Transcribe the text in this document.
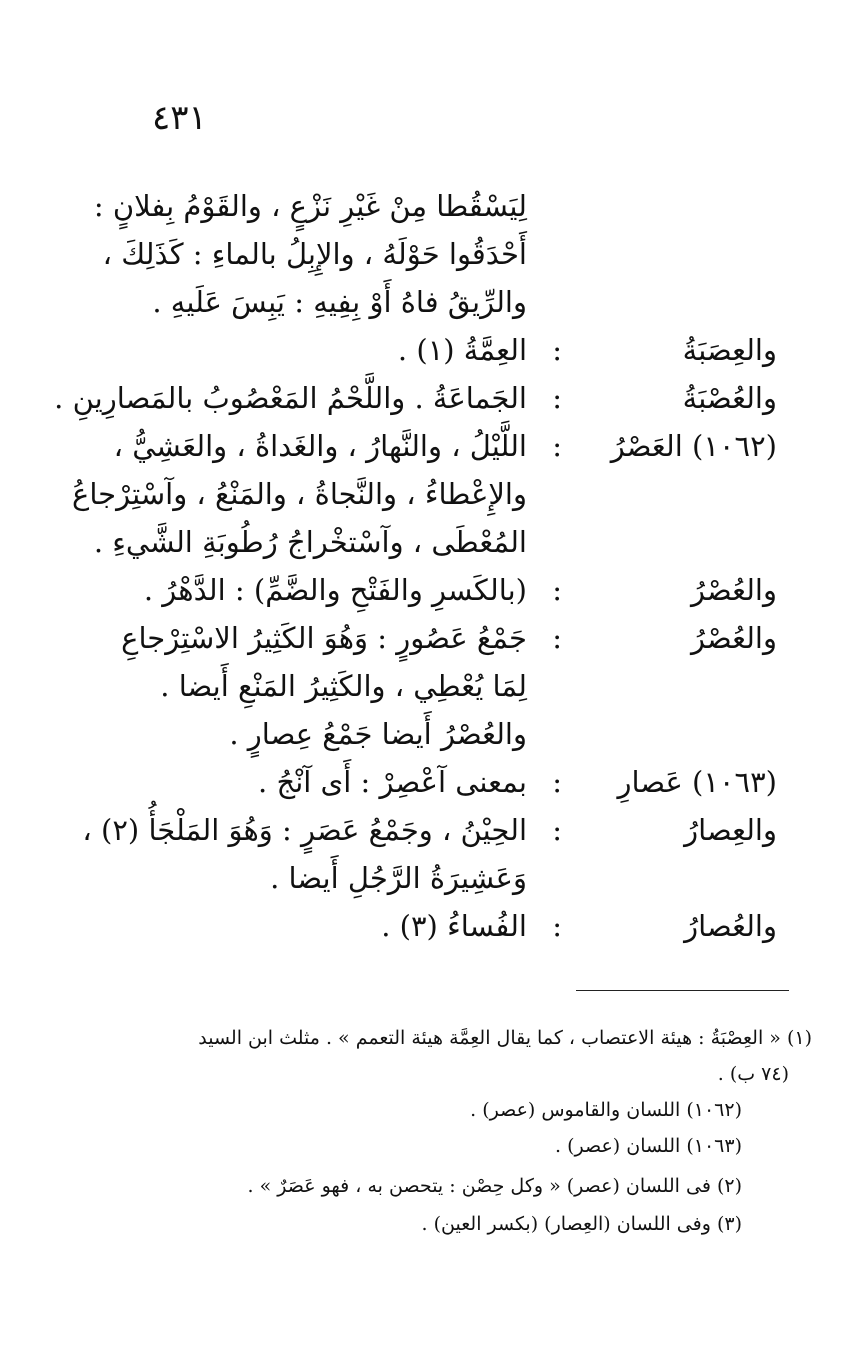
٤٣١
لِيَسْقُطا مِنْ غَيْرِ نَزْعٍ ، والقَوْمُ بِفلانٍ :
أَحْدَقُوا حَوْلَهُ ، والإِبِلُ بالماءِ : كَذَلِكَ ،
والرِّيقُ فاهُ أَوْ بِفِيهِ : يَبِسَ عَلَيهِ .
والعِصَبَةُ
:
العِمَّةُ (١) .
والعُصْبَةُ
:
الجَماعَةُ . واللَّحْمُ المَعْصُوبُ بالمَصارِينِ .
(١٠٦٢) العَصْرُ
:
اللَّيْلُ ، والنَّهارُ ، والغَداةُ ، والعَشِيُّ ،
والإِعْطاءُ ، والنَّجاةُ ، والمَنْعُ ، وآسْتِرْجاعُ
المُعْطَى ، وآسْتخْراجُ رُطُوبَةِ الشَّيءِ .
والعُصْرُ
:
(بالكَسرِ والفَتْحِ والضَّمِّ) : الدَّهْرُ .
والعُصْرُ
:
جَمْعُ عَصُورٍ : وَهُوَ الكَثِيرُ الاسْتِرْجاعِ
لِمَا يُعْطِي ، والكَثِيرُ المَنْعِ أَيضا .
والعُصْرُ أَيضا جَمْعُ عِصارٍ .
(١٠٦٣) عَصارِ
:
بمعنى آعْصِرْ : أَى آنْجُ .
والعِصارُ
:
الحِيْنُ ، وجَمْعُ عَصَرٍ : وَهُوَ المَلْجَأُ (٢) ،
وَعَشِيرَةُ الرَّجُلِ أَيضا .
والعُصارُ
:
الفُساءُ (٣) .
(١) « العِصْبَةُ : هيئة الاعتصاب ، كما يقال العِمَّة هيئة التعمم » . مثلث ابن السيد
(٧٤ ب) .
(١٠٦٢) اللسان والقاموس (عصر) .
(١٠٦٣) اللسان (عصر) .
(٢) فى اللسان (عصر) « وكل حِصْن : يتحصن به ، فهو عَصَرٌ » .
(٣) وفى اللسان (العِصار) (بكسر العين) .
